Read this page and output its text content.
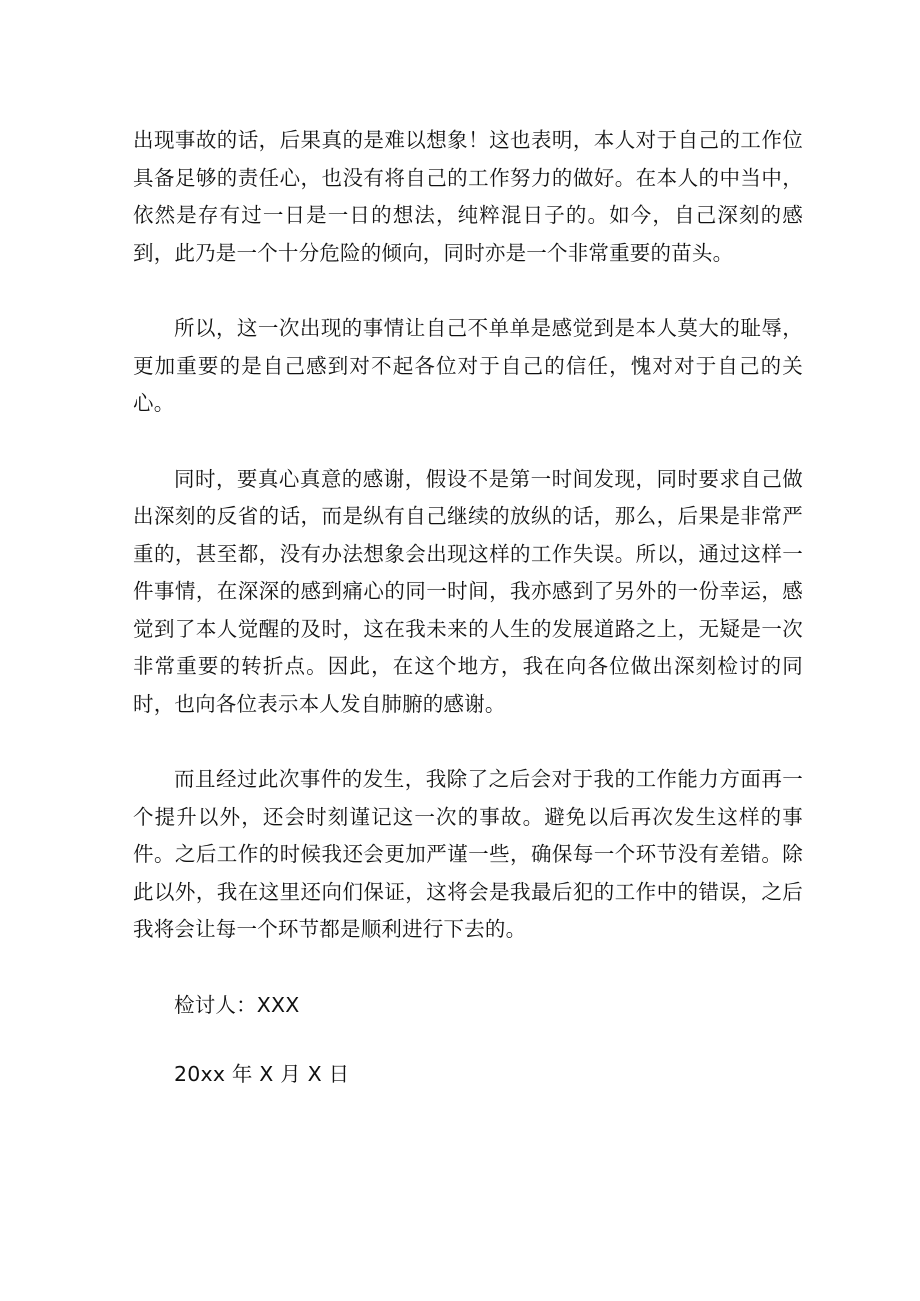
出现事故的话，后果真的是难以想象！这也表明，本人对于自己的工作位具备足够的责任心，也没有将自己的工作努力的做好。在本人的中当中，依然是存有过一日是一日的想法，纯粹混日子的。如今，自己深刻的感到，此乃是一个十分危险的倾向，同时亦是一个非常重要的苗头。

所以，这一次出现的事情让自己不单单是感觉到是本人莫大的耻辱，更加重要的是自己感到对不起各位对于自己的信任，愧对对于自己的关心。

同时，要真心真意的感谢，假设不是第一时间发现，同时要求自己做出深刻的反省的话，而是纵有自己继续的放纵的话，那么，后果是非常严重的，甚至都，没有办法想象会出现这样的工作失误。所以，通过这样一件事情，在深深的感到痛心的同一时间，我亦感到了另外的一份幸运，感觉到了本人觉醒的及时，这在我未来的人生的发展道路之上，无疑是一次非常重要的转折点。因此，在这个地方，我在向各位做出深刻检讨的同时，也向各位表示本人发自肺腑的感谢。

而且经过此次事件的发生，我除了之后会对于我的工作能力方面再一个提升以外，还会时刻谨记这一次的事故。避免以后再次发生这样的事件。之后工作的时候我还会更加严谨一些，确保每一个环节没有差错。除此以外，我在这里还向们保证，这将会是我最后犯的工作中的错误，之后我将会让每一个环节都是顺利进行下去的。

检讨人：XXX

20xx 年 X 月 X 日
